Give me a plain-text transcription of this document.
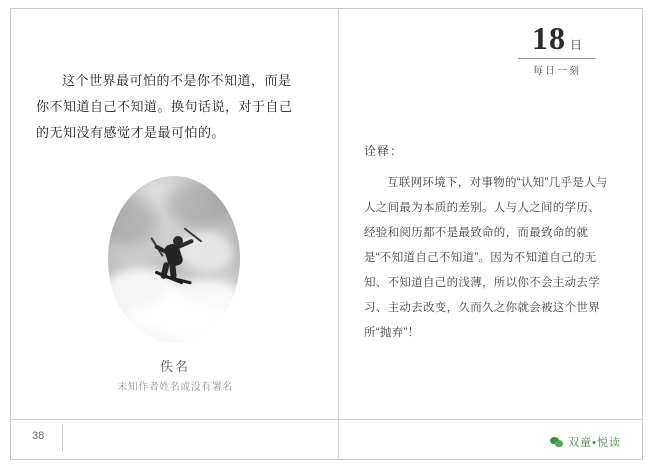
18 日
每日一刻
这个世界最可怕的不是你不知道，而是你不知道自己不知道。换句话说，对于自己的无知没有感觉才是最可怕的。
佚名
未知作者姓名或没有署名
诠释：
互联网环境下，对事物的“认知”几乎是人与人之间最为本质的差别。人与人之间的学历、经验和阅历都不是最致命的，而最致命的就是“不知道自己不知道”。因为不知道自己的无知、不知道自己的浅薄，所以你不会主动去学习、主动去改变，久而久之你就会被这个世界所“抛弃”！
38
双童•悦读
